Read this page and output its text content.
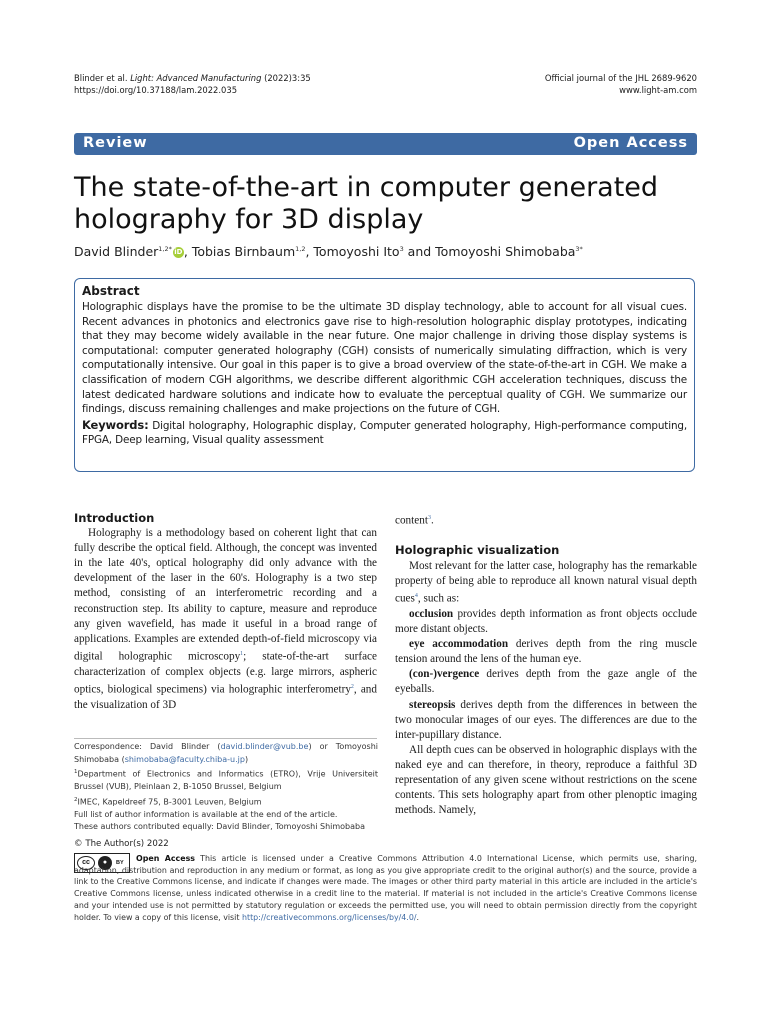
Blinder et al. Light: Advanced Manufacturing (2022)3:35
https://doi.org/10.37188/lam.2022.035
Official journal of the JHL 2689-9620
www.light-am.com
Review	Open Access
The state-of-the-art in computer generated holography for 3D display
David Blinder$^{1,2*}$ iD, Tobias Birnbaum$^{1,2}$, Tomoyoshi Ito$^3$ and Tomoyoshi Shimobaba$^{3*}$
Abstract

Holographic displays have the promise to be the ultimate 3D display technology, able to account for all visual cues. Recent advances in photonics and electronics gave rise to high-resolution holographic display prototypes, indicating that they may become widely available in the near future. One major challenge in driving those display systems is computational: computer generated holography (CGH) consists of numerically simulating diffraction, which is very computationally intensive. Our goal in this paper is to give a broad overview of the state-of-the-art in CGH. We make a classification of modern CGH algorithms, we describe different algorithmic CGH acceleration techniques, discuss the latest dedicated hardware solutions and indicate how to evaluate the perceptual quality of CGH. We summarize our findings, discuss remaining challenges and make projections on the future of CGH.

Keywords: Digital holography, Holographic display, Computer generated holography, High-performance computing, FPGA, Deep learning, Visual quality assessment

Introduction

Holography is a methodology based on coherent light that can fully describe the optical field. Although, the concept was invented in the late 40's, optical holography did only advance with the development of the laser in the 60's. Holography is a two step method, consisting of an interferometric recording and a reconstruction step. Its ability to capture, measure and reproduce any given wavefield, has made it useful in a broad range of applications. Examples are extended depth-of-field microscopy via digital holographic microscopy$^1$; state-of-the-art surface characterization of complex objects (e.g. large mirrors, aspheric optics, biological specimens) via holographic interferometry$^2$, and the visualization of 3D

Correspondence: David Blinder (david.blinder@vub.be) or Tomoyoshi Shimobaba (shimobaba@faculty.chiba-u.jp)

$^1$Department of Electronics and Informatics (ETRO), Vrije Universiteit Brussel (VUB), Pleinlaan 2, B-1050 Brussel, Belgium

$^2$IMEC, Kapeldreef 75, B-3001 Leuven, Belgium

Full list of author information is available at the end of the article.

These authors contributed equally: David Blinder, Tomoyoshi Shimobaba

content$^3$.

Holographic visualization

Most relevant for the latter case, holography has the remarkable property of being able to reproduce all known natural visual depth cues$^4$, such as:

occlusion provides depth information as front objects occlude more distant objects.

eye accommodation derives depth from the ring muscle tension around the lens of the human eye.

(con-)vergence derives depth from the gaze angle of the eyeballs.

stereopsis derives depth from the differences in between the two monocular images of our eyes. The differences are due to the inter-pupillary distance.

All depth cues can be observed in holographic displays with the naked eye and can therefore, in theory, reproduce a faithful 3D representation of any given scene without restrictions on the scene contents. This sets holography apart from other plenoptic imaging methods. Namely,

© The Author(s) 2022
cc	●	BY	Open Access This article is licensed under a Creative Commons Attribution 4.0 International License, which permits use, sharing, adaptation, distribution and reproduction in any medium or format, as long as you give appropriate credit to the original author(s) and the source, provide a link to the Creative Commons license, and indicate if changes were made. The images or other third party material in this article are included in the article's Creative Commons license, unless indicated otherwise in a credit line to the material. If material is not included in the article's Creative Commons license and your intended use is not permitted by statutory regulation or exceeds the permitted use, you will need to obtain permission directly from the copyright holder. To view a copy of this license, visit http://creativecommons.org/licenses/by/4.0/.
